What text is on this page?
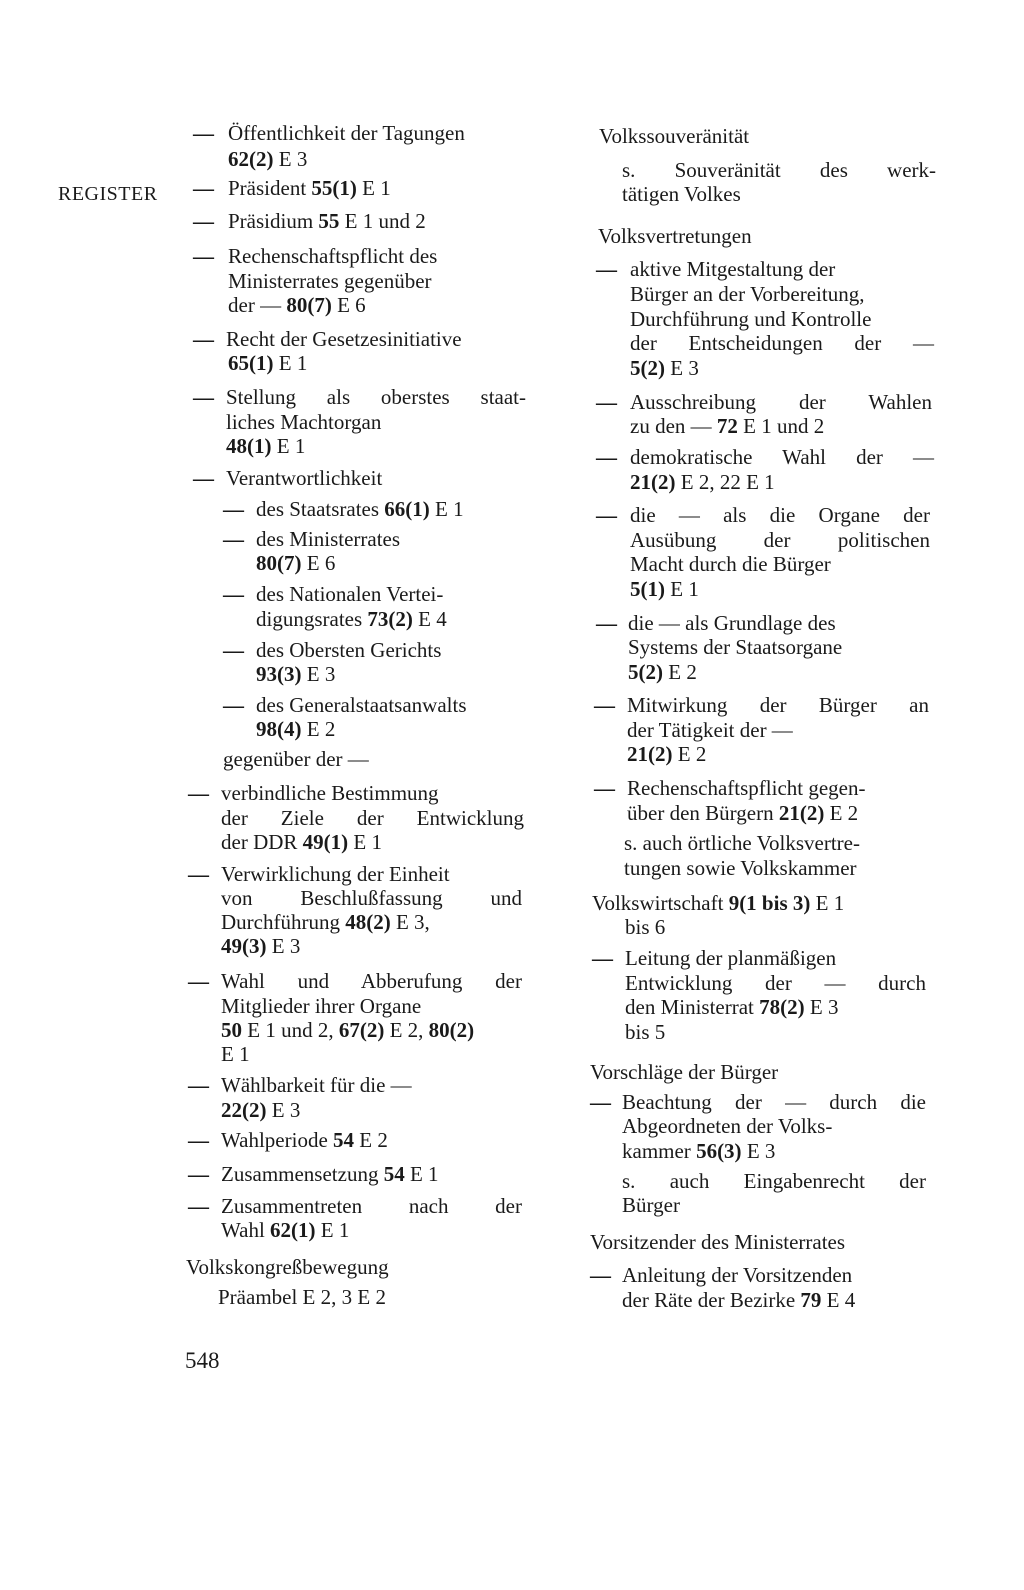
REGISTER
— Öffentlichkeit der Tagungen
62(2) E 3
— Präsident 55(1) E 1
— Präsidium 55 E 1 und 2
— Rechenschaftspflicht des
Ministerrates gegenüber
der — 80(7) E 6
— Recht der Gesetzesinitiative
65(1) E 1
— Stellung als oberstes staat-
liches Machtorgan
48(1) E 1
— Verantwortlichkeit
— des Staatsrates 66(1) E 1
— des Ministerrates
80(7) E 6
— des Nationalen Vertei-
digungsrates 73(2) E 4
— des Obersten Gerichts
93(3) E 3
— des Generalstaatsanwalts
98(4) E 2
gegenüber der —
— verbindliche Bestimmung
der Ziele der Entwicklung
der DDR 49(1) E 1
— Verwirklichung der Einheit
von Beschlußfassung und
Durchführung 48(2) E 3,
49(3) E 3
— Wahl und Abberufung der
Mitglieder ihrer Organe
50 E 1 und 2, 67(2) E 2, 80(2)
E 1
— Wählbarkeit für die —
22(2) E 3
— Wahlperiode 54 E 2
— Zusammensetzung 54 E 1
— Zusammentreten nach der
Wahl 62(1) E 1
Volkskongreßbewegung
Präambel E 2, 3 E 2
Volkssouveränität
s. Souveränität des werk-
tätigen Volkes
Volksvertretungen
— aktive Mitgestaltung der
Bürger an der Vorbereitung,
Durchführung und Kontrolle
der Entscheidungen der —
5(2) E 3
— Ausschreibung der Wahlen
zu den — 72 E 1 und 2
— demokratische Wahl der —
21(2) E 2, 22 E 1
— die — als die Organe der
Ausübung der politischen
Macht durch die Bürger
5(1) E 1
— die — als Grundlage des
Systems der Staatsorgane
5(2) E 2
— Mitwirkung der Bürger an
der Tätigkeit der —
21(2) E 2
— Rechenschaftspflicht gegen-
über den Bürgern 21(2) E 2
s. auch örtliche Volksvertre-
tungen sowie Volkskammer
Volkswirtschaft 9(1 bis 3) E 1
bis 6
— Leitung der planmäßigen
Entwicklung der — durch
den Ministerrat 78(2) E 3
bis 5
Vorschläge der Bürger
— Beachtung der — durch die
Abgeordneten der Volks-
kammer 56(3) E 3
s. auch Eingabenrecht der
Bürger
Vorsitzender des Ministerrates
— Anleitung der Vorsitzenden
der Räte der Bezirke 79 E 4
548
